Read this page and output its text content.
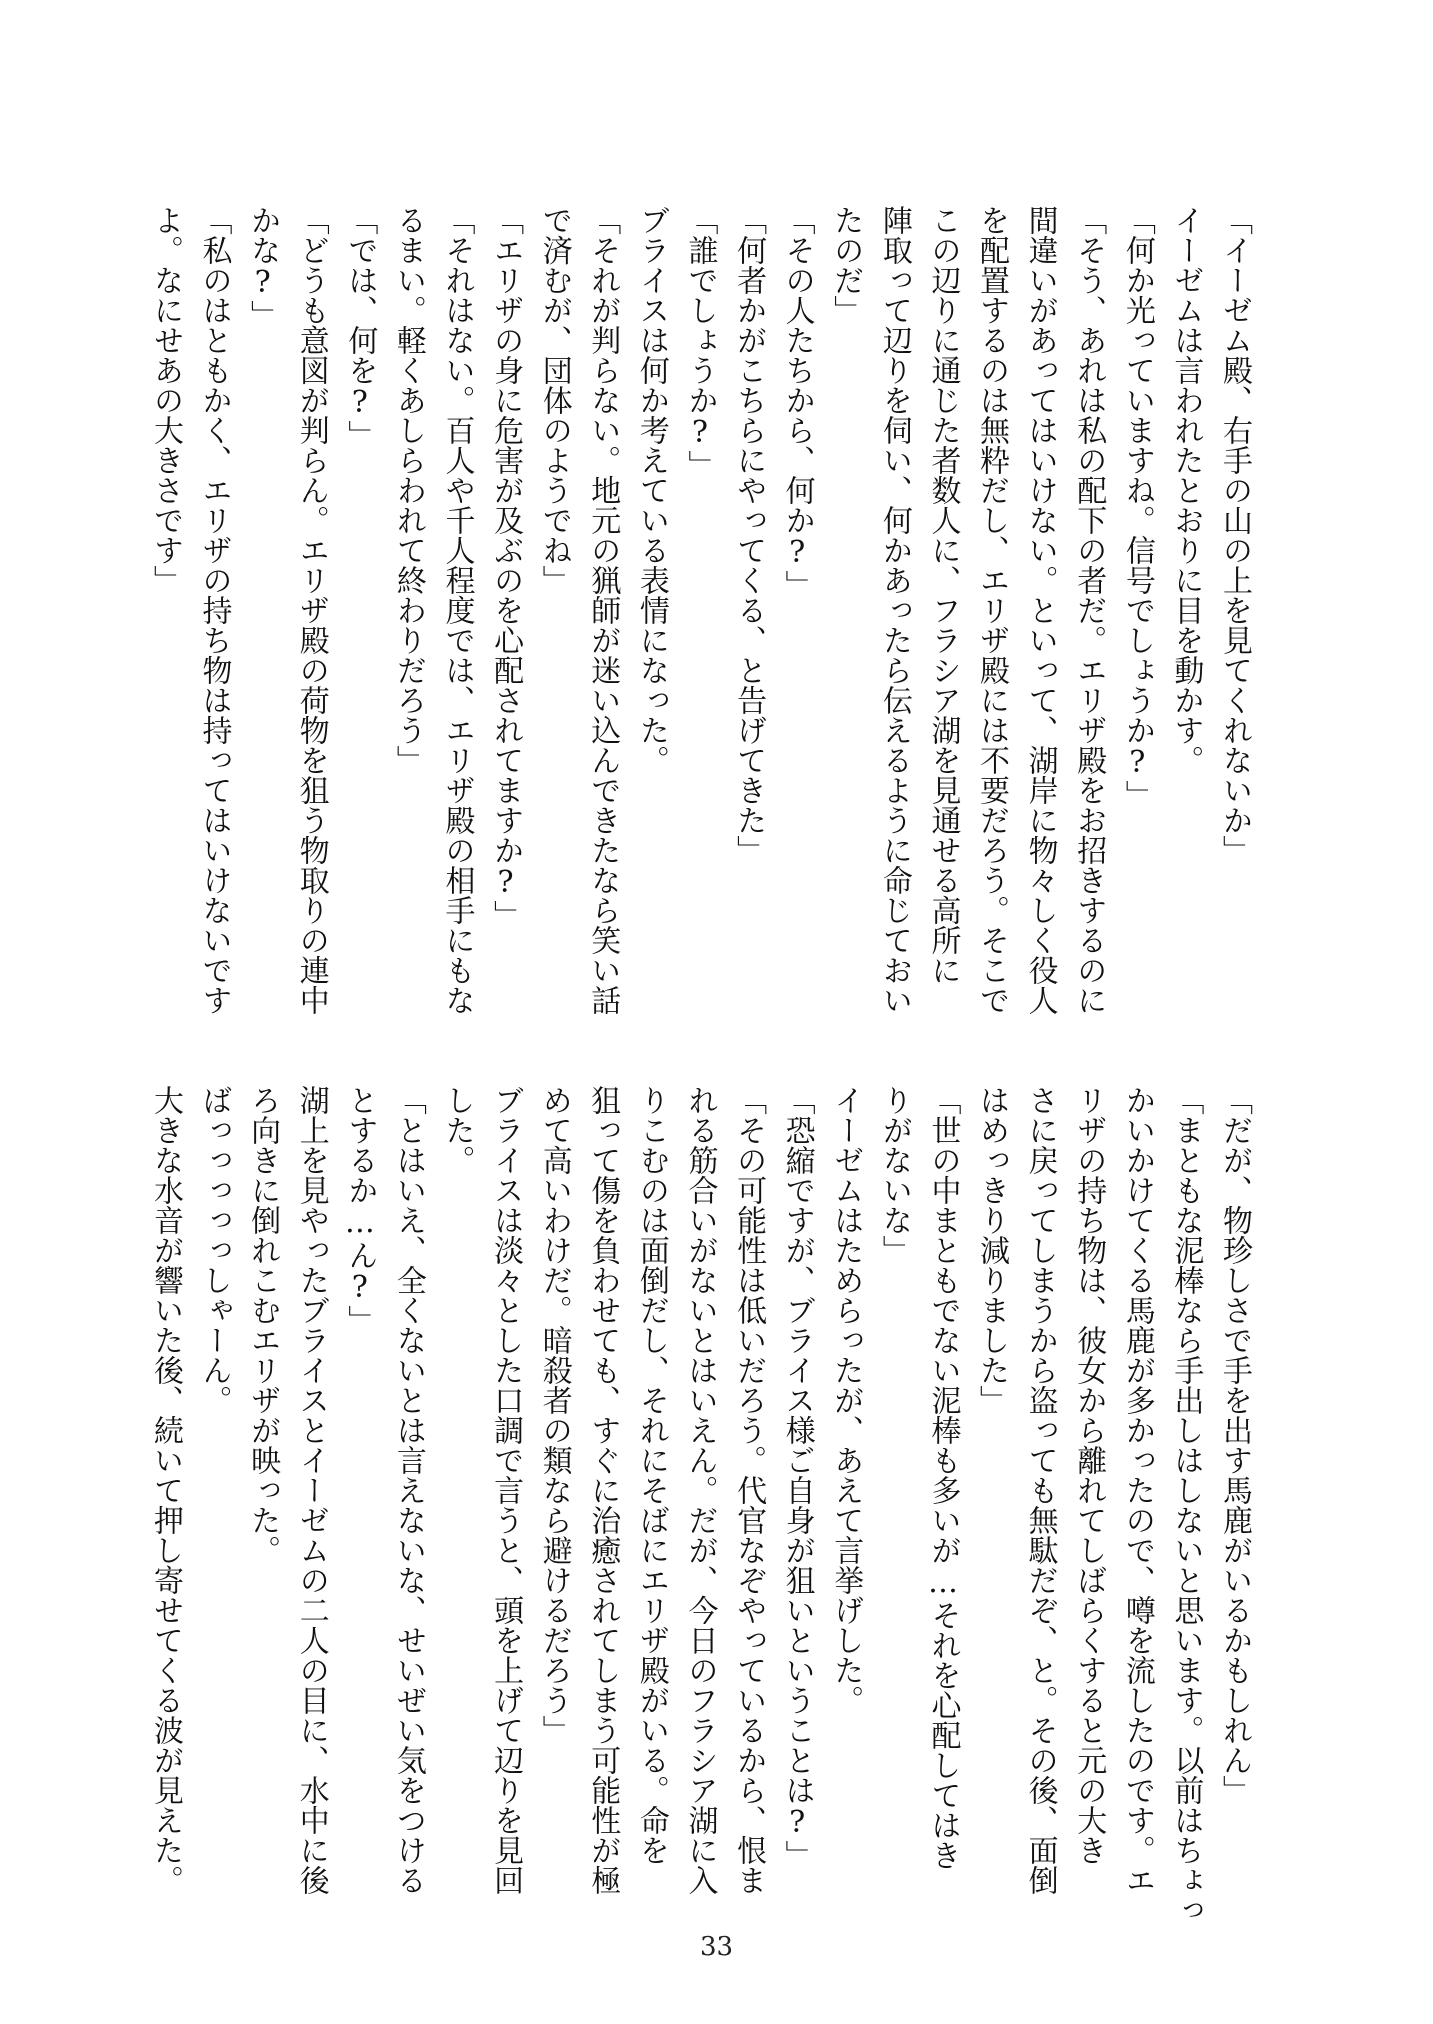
「イーゼム殿、右手の山の上を見てくれないか」
イーゼムは言われたとおりに目を動かす。
「何か光っていますね。信号でしょうか?」
「そう、あれは私の配下の者だ。エリザ殿をお招きするのに
間違いがあってはいけない。といって、湖岸に物々しく役人
を配置するのは無粋だし、エリザ殿には不要だろう。そこで
この辺りに通じた者数人に、フラシア湖を見通せる高所に
陣取って辺りを伺い、何かあったら伝えるように命じておい
たのだ」
「その人たちから、何か?」
「何者かがこちらにやってくる、と告げてきた」
「誰でしょうか?」
ブライスは何か考えている表情になった。
「それが判らない。地元の猟師が迷い込んできたなら笑い話
で済むが、団体のようでね」
「エリザの身に危害が及ぶのを心配されてますか?」
「それはない。百人や千人程度では、エリザ殿の相手にもな
るまい。軽くあしらわれて終わりだろう」
「では、何を?」
「どうも意図が判らん。エリザ殿の荷物を狙う物取りの連中
かな?」
「私のはともかく、エリザの持ち物は持ってはいけないです
よ。なにせあの大きさです」
「だが、物珍しさで手を出す馬鹿がいるかもしれん」
「まともな泥棒なら手出しはしないと思います。以前はちょっ
かいかけてくる馬鹿が多かったので、噂を流したのです。エ
リザの持ち物は、彼女から離れてしばらくすると元の大き
さに戻ってしまうから盗っても無駄だぞ、と。その後、面倒
はめっきり減りました」
「世の中まともでない泥棒も多いが…それを心配してはき
りがないな」
イーゼムはためらったが、あえて言挙げした。
「恐縮ですが、ブライス様ご自身が狙いということは?」
「その可能性は低いだろう。代官なぞやっているから、恨ま
れる筋合いがないとはいえん。だが、今日のフラシア湖に入
りこむのは面倒だし、それにそばにエリザ殿がいる。命を
狙って傷を負わせても、すぐに治癒されてしまう可能性が極
めて高いわけだ。暗殺者の類なら避けるだろう」
ブライスは淡々とした口調で言うと、頭を上げて辺りを見回
した。
「とはいえ、全くないとは言えないな、せいぜい気をつける
とするか…ん?」
湖上を見やったブライスとイーゼムの二人の目に、水中に後
ろ向きに倒れこむエリザが映った。
ばっっっっっしゃーん。
大きな水音が響いた後、続いて押し寄せてくる波が見えた。
33
